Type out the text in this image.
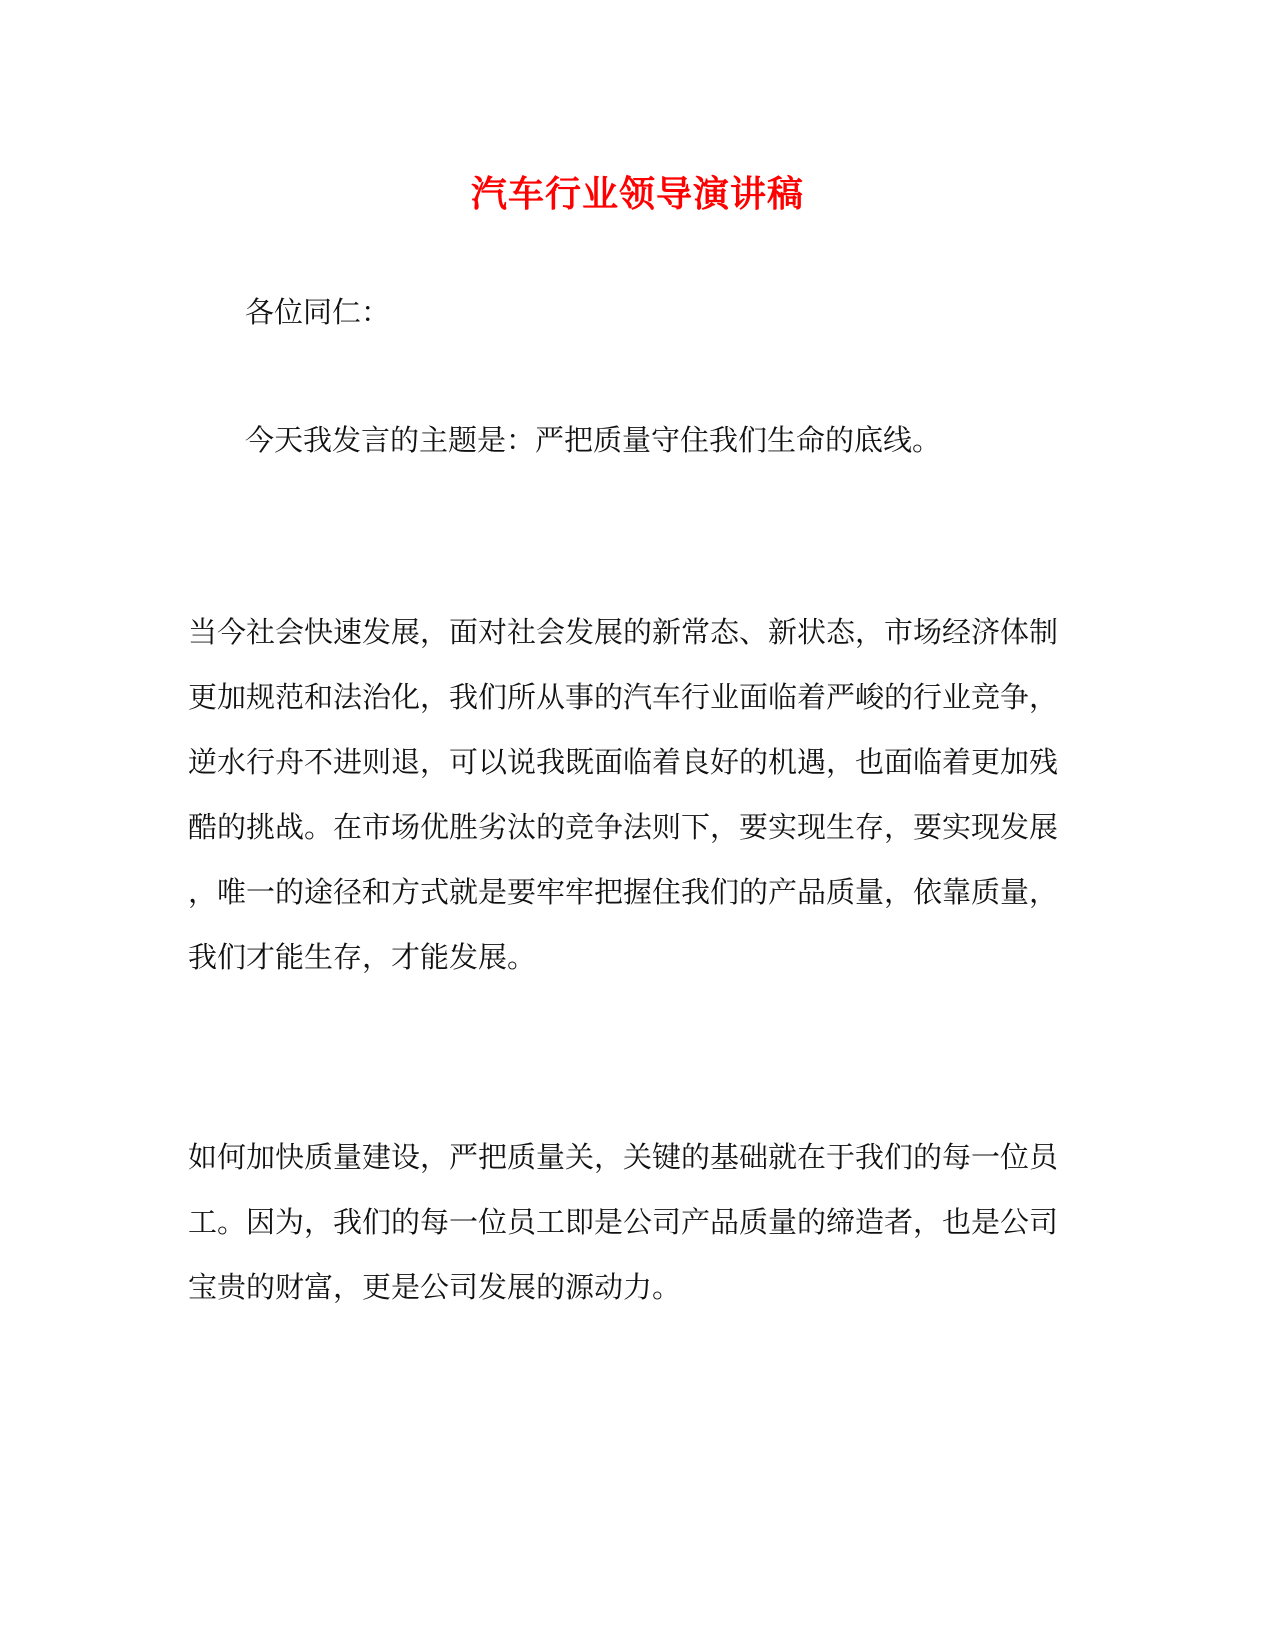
汽车行业领导演讲稿
各位同仁：
今天我发言的主题是：严把质量守住我们生命的底线。
当今社会快速发展，面对社会发展的新常态、新状态，市场经济体制
更加规范和法治化，我们所从事的汽车行业面临着严峻的行业竞争，
逆水行舟不进则退，可以说我既面临着良好的机遇，也面临着更加残
酷的挑战。在市场优胜劣汰的竞争法则下，要实现生存，要实现发展
，唯一的途径和方式就是要牢牢把握住我们的产品质量，依靠质量，
我们才能生存，才能发展。
如何加快质量建设，严把质量关，关键的基础就在于我们的每一位员
工。因为，我们的每一位员工即是公司产品质量的缔造者，也是公司
宝贵的财富，更是公司发展的源动力。
